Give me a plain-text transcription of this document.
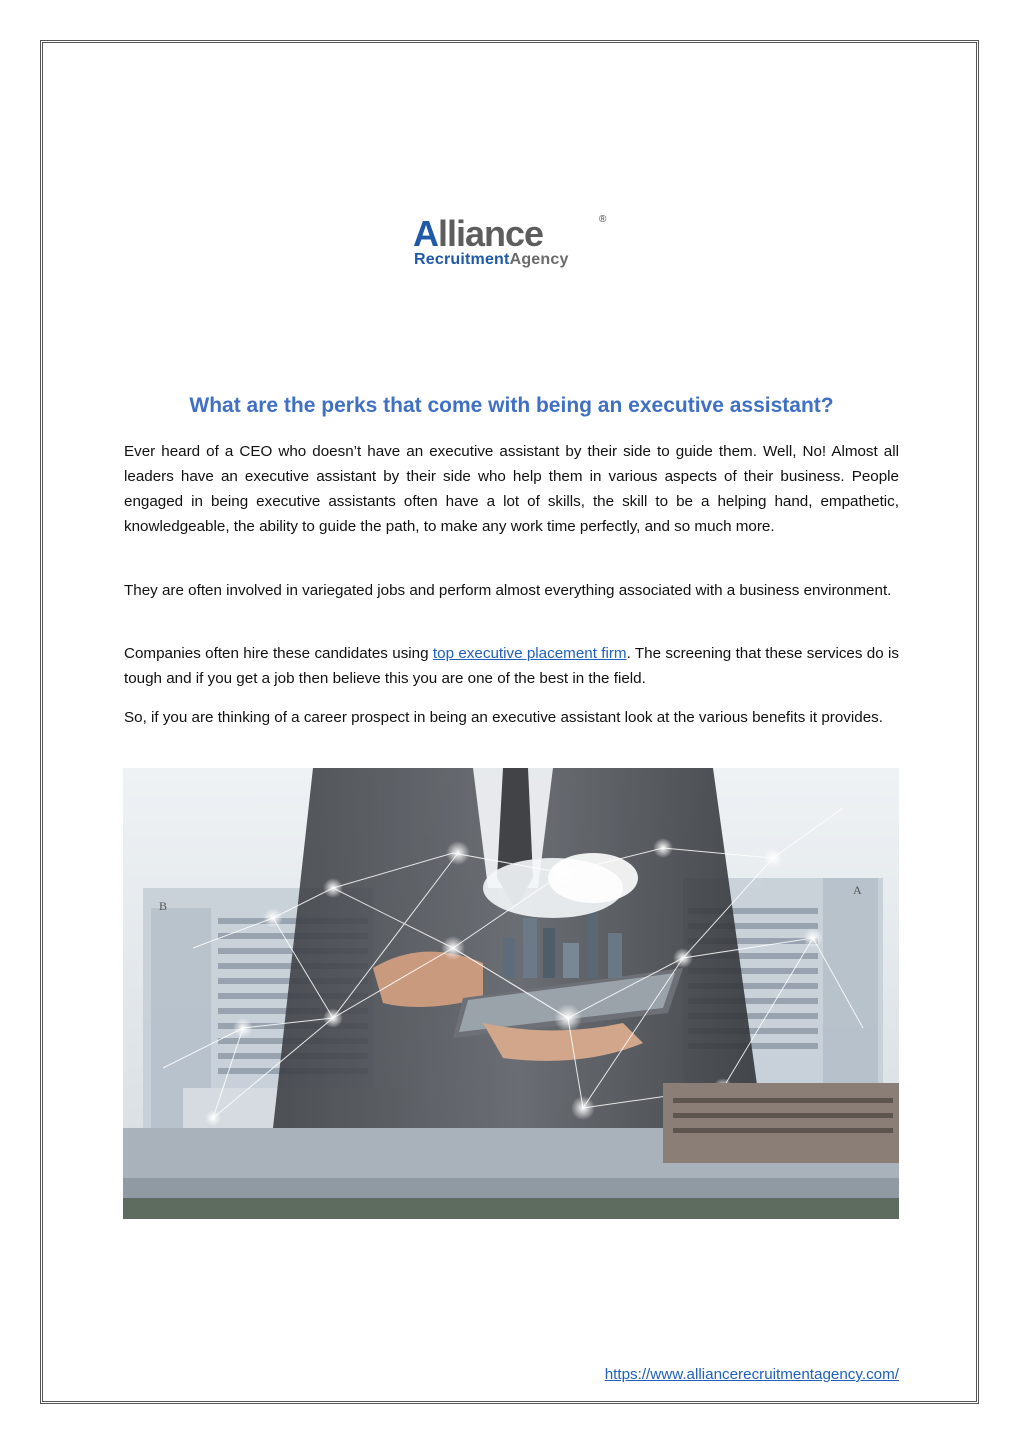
Alliance
RecruitmentAgency
®
What are the perks that come with being an executive assistant?

Ever heard of a CEO who doesn’t have an executive assistant by their side to guide them. Well, No! Almost all leaders have an executive assistant by their side who help them in various aspects of their business. People engaged in being executive assistants often have a lot of skills, the skill to be a helping hand, empathetic, knowledgeable, the ability to guide the path, to make any work time perfectly, and so much more.

They are often involved in variegated jobs and perform almost everything associated with a business environment.

Companies often hire these candidates using top executive placement firm. The screening that these services do is tough and if you get a job then believe this you are one of the best in the field.

So, if you are thinking of a career prospect in being an executive assistant look at the various benefits it provides.

B
A
https://www.alliancerecruitmentagency.com/
